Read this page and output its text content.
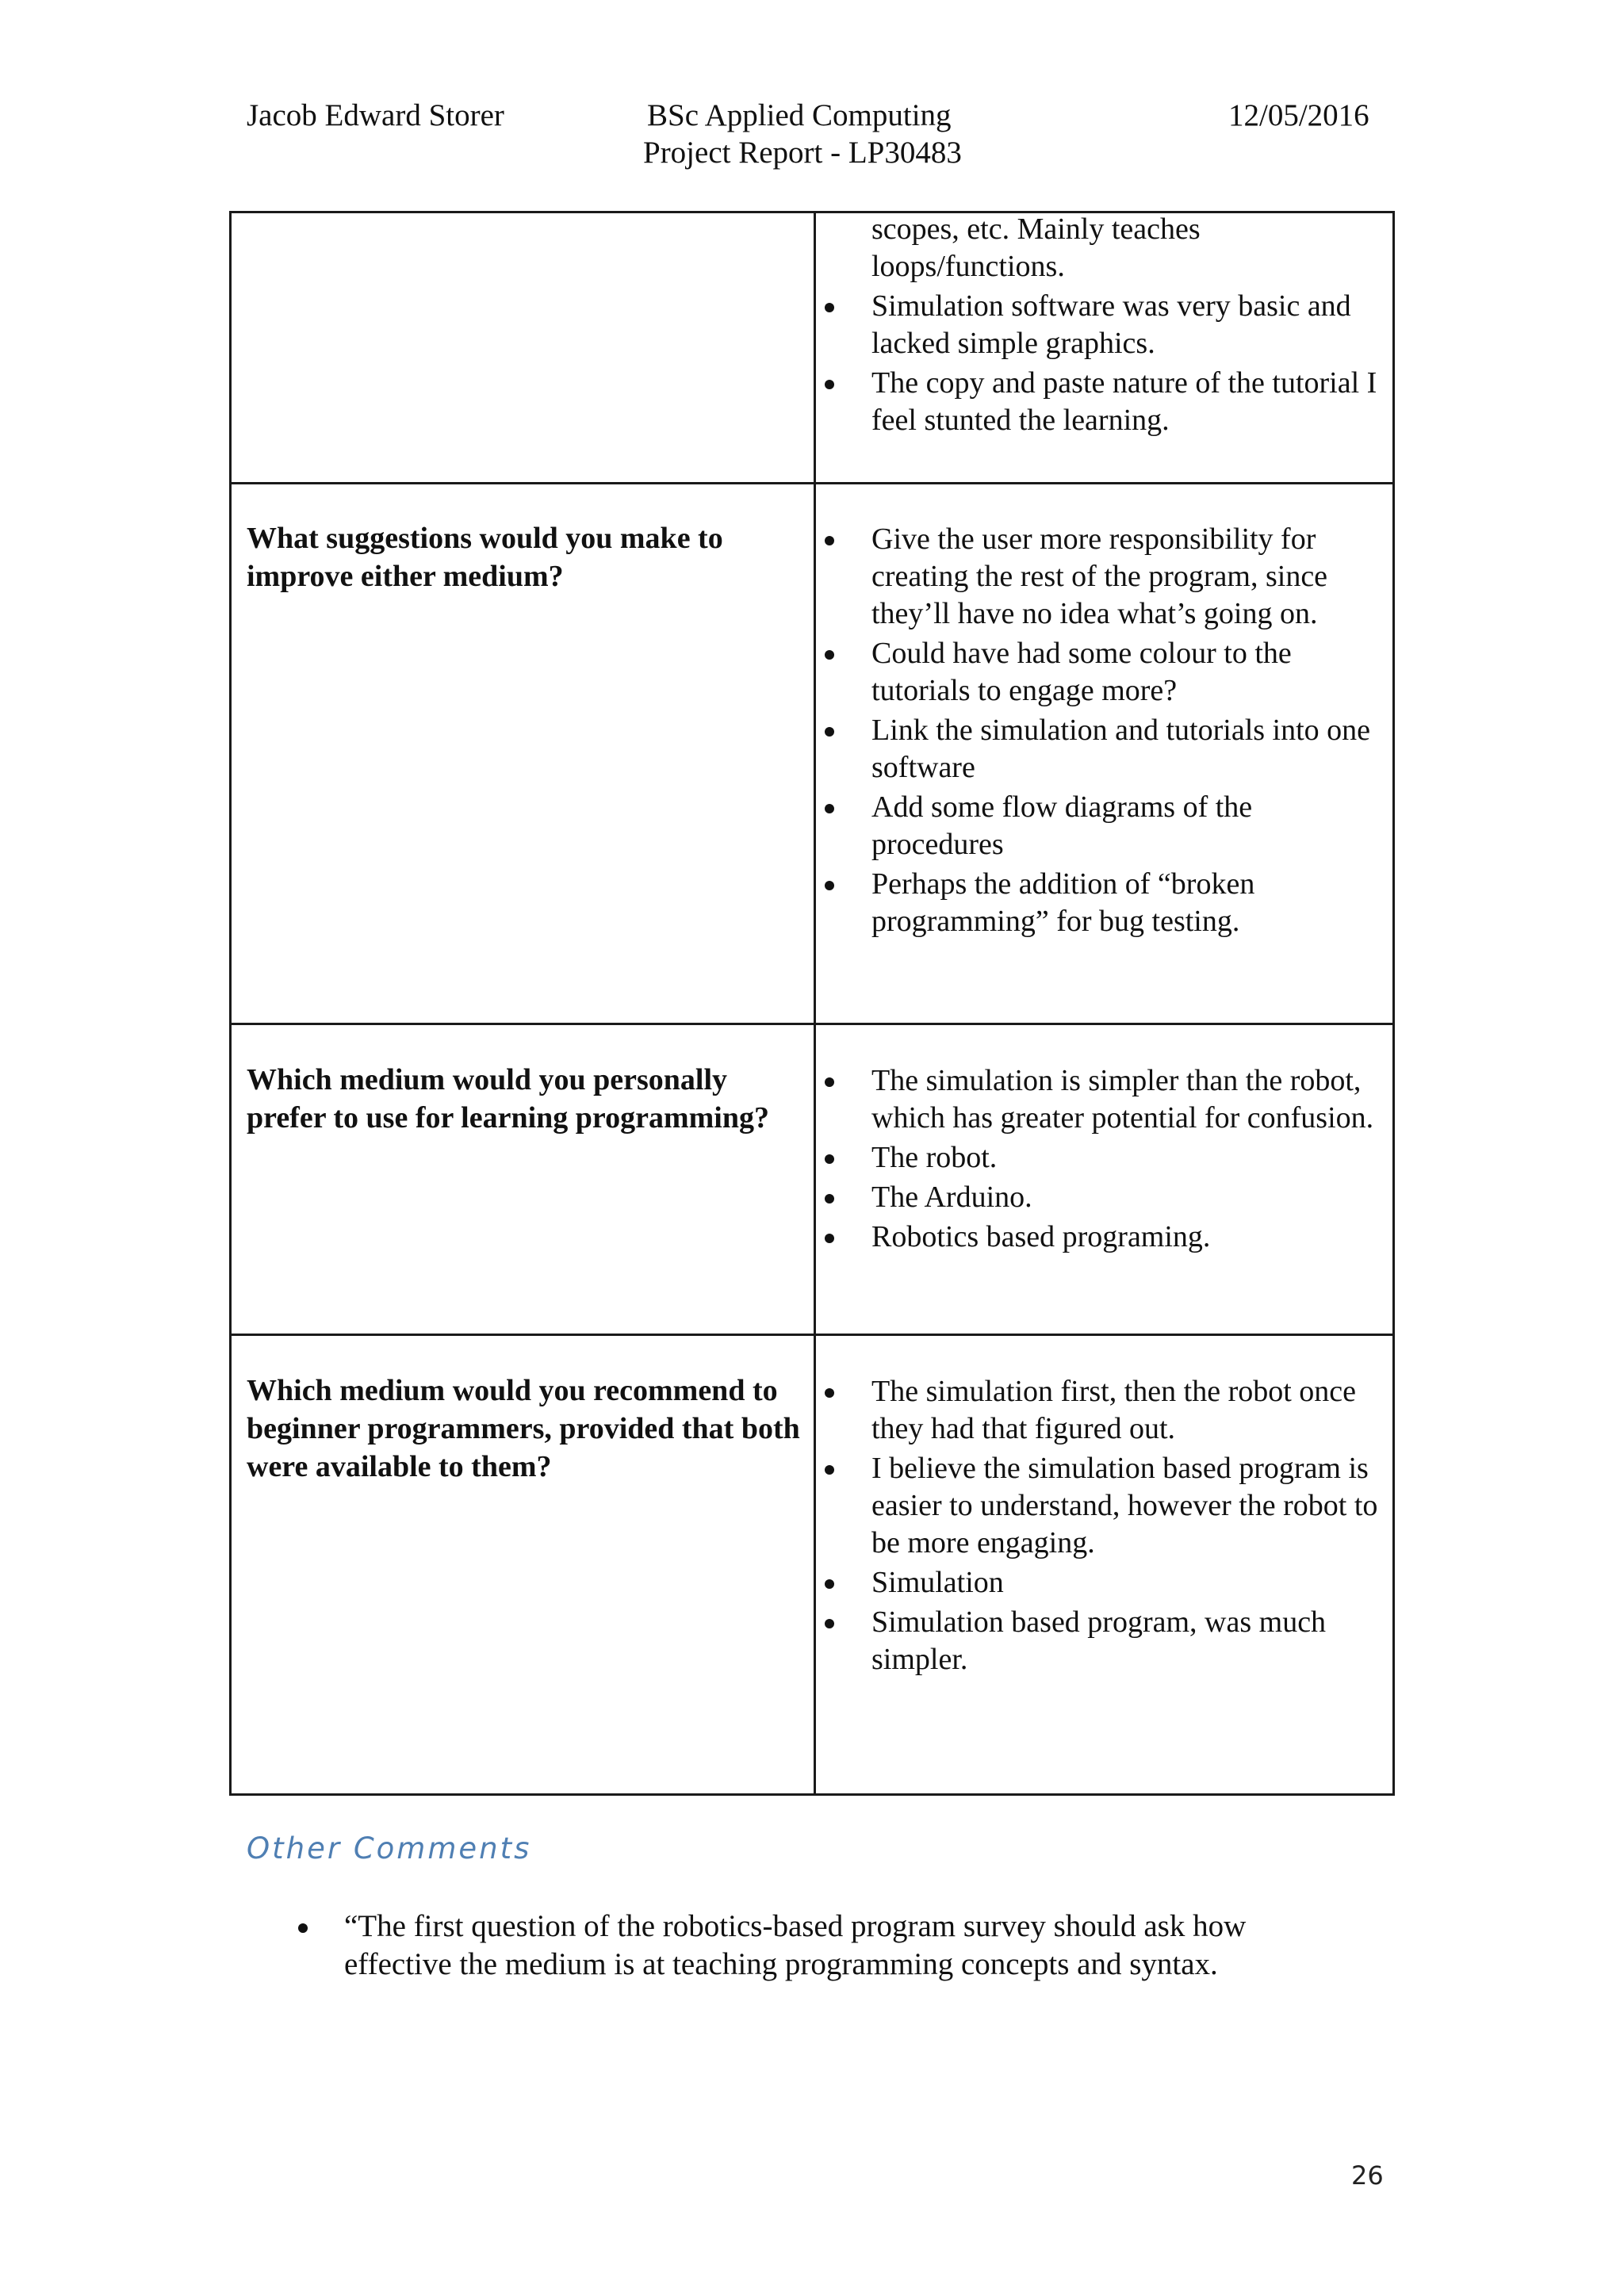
Jacob Edward Storer	BSc Applied Computing
Project Report - LP30483
12/05/2016
scopes, etc. Mainly teaches loops/functions.
Simulation software was very basic and lacked simple graphics.
The copy and paste nature of the tutorial I feel stunted the learning.
What suggestions would you make to improve either medium?
Give the user more responsibility for creating the rest of the program, since they’ll have no idea what’s going on.
Could have had some colour to the tutorials to engage more?
Link the simulation and tutorials into one software
Add some flow diagrams of the procedures
Perhaps the addition of “broken programming” for bug testing.
Which medium would you personally prefer to use for learning programming?
The simulation is simpler than the robot, which has greater potential for confusion.
The robot.
The Arduino.
Robotics based programing.
Which medium would you recommend to beginner programmers, provided that both were available to them?
The simulation first, then the robot once they had that figured out.
I believe the simulation based program is easier to understand, however the robot to be more engaging.
Simulation
Simulation based program, was much simpler.
Other Comments
“The first question of the robotics-based program survey should ask how effective the medium is at teaching programming concepts and syntax.
26
